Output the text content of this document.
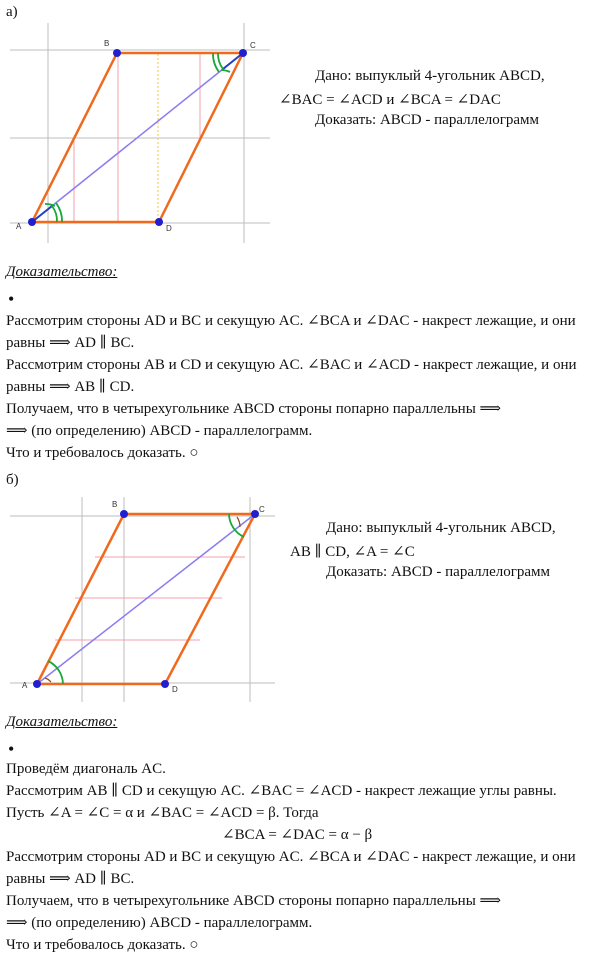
а)
A
B	C
D
Дано: выпуклый 4-угольник ABCD,
∠BAC = ∠ACD и ∠BCA = ∠DAC
Доказать: ABCD - параллелограмм
Доказательство:
•
Рассмотрим стороны AD и BC и секущую AC. ∠BCA и ∠DAC - накрест лежащие, и они
равны ⟹ AD ∥ BC.
Рассмотрим стороны AB и CD и секущую AC. ∠BAC и ∠ACD - накрест лежащие, и они
равны ⟹ AB ∥ CD.
Получаем, что в четырехугольнике ABCD стороны попарно параллельны ⟹
⟹ (по определению) ABCD - параллелограмм.
Что и требовалось доказать. ○
б)
A
B
C
D
Дано: выпуклый 4-угольник ABCD,
AB ∥ CD, ∠A = ∠C
Доказать: ABCD - параллелограмм
Доказательство:
•
Проведём диагональ AC.
Рассмотрим AB ∥ CD и секущую AC. ∠BAC = ∠ACD - накрест лежащие углы равны.
Пусть ∠A = ∠C = α и ∠BAC = ∠ACD = β. Тогда
∠BCA = ∠DAC = α − β
Рассмотрим стороны AD и BC и секущую AC. ∠BCA и ∠DAC - накрест лежащие, и они
равны ⟹ AD ∥ BC.
Получаем, что в четырехугольнике ABCD стороны попарно параллельны ⟹
⟹ (по определению) ABCD - параллелограмм.
Что и требовалось доказать. ○
